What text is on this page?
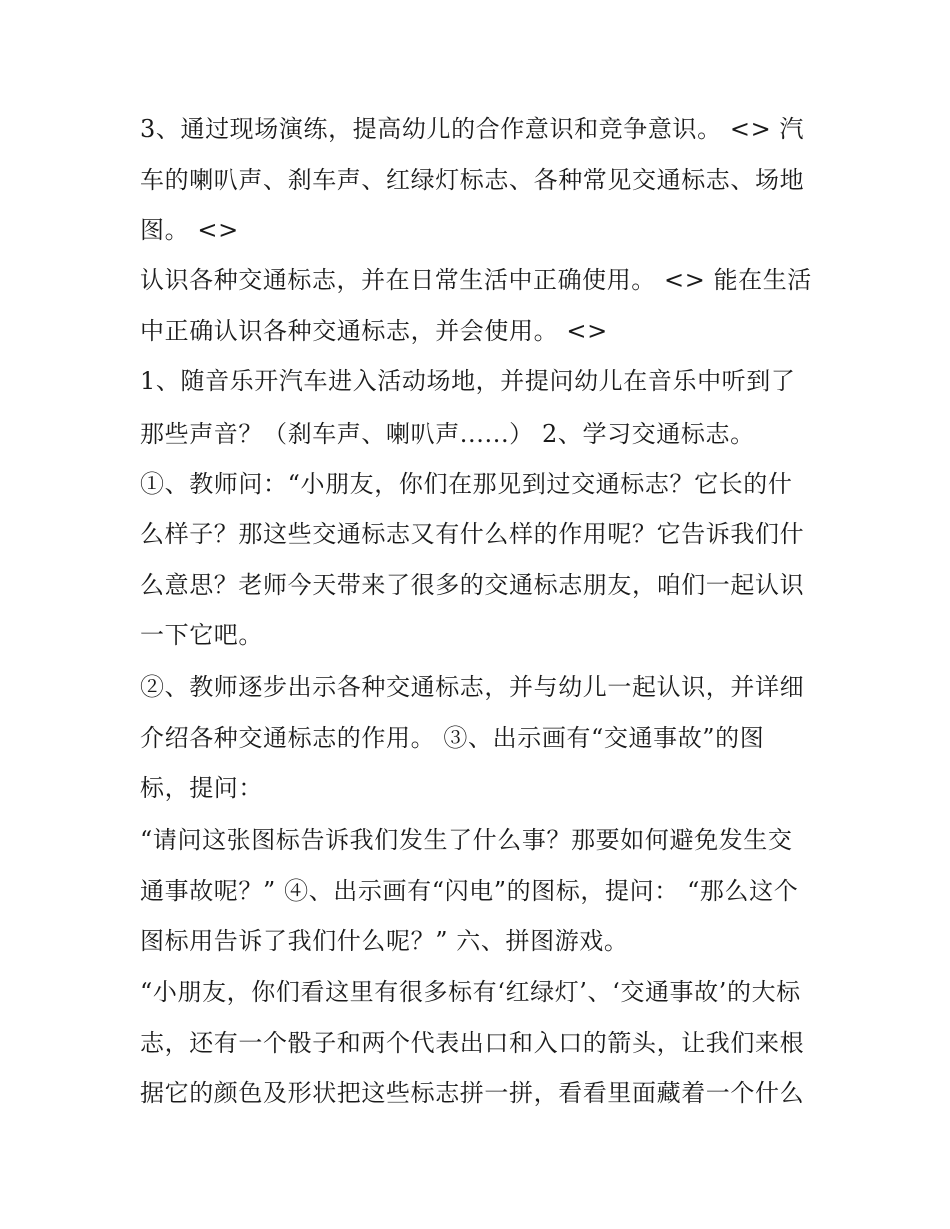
3、通过现场演练，提高幼儿的合作意识和竞争意识。 <> 汽
车的喇叭声、刹车声、红绿灯标志、各种常见交通标志、场地
图。 <>
认识各种交通标志，并在日常生活中正确使用。 <> 能在生活
中正确认识各种交通标志，并会使用。 <>
1、随音乐开汽车进入活动场地，并提问幼儿在音乐中听到了
那些声音？（刹车声、喇叭声......） 2、学习交通标志。
①、教师问：“小朋友，你们在那见到过交通标志？它长的什
么样子？那这些交通标志又有什么样的作用呢？它告诉我们什
么意思？老师今天带来了很多的交通标志朋友，咱们一起认识
一下它吧。
②、教师逐步出示各种交通标志，并与幼儿一起认识，并详细
介绍各种交通标志的作用。 ③、出示画有“交通事故”的图
标，提问：
“请问这张图标告诉我们发生了什么事？那要如何避免发生交
通事故呢？” ④、出示画有“闪电”的图标，提问： “那么这个
图标用告诉了我们什么呢？” 六、拼图游戏。
“小朋友，你们看这里有很多标有‘红绿灯’、‘交通事故’的大标
志，还有一个骰子和两个代表出口和入口的箭头，让我们来根
据它的颜色及形状把这些标志拼一拼，看看里面藏着一个什么
